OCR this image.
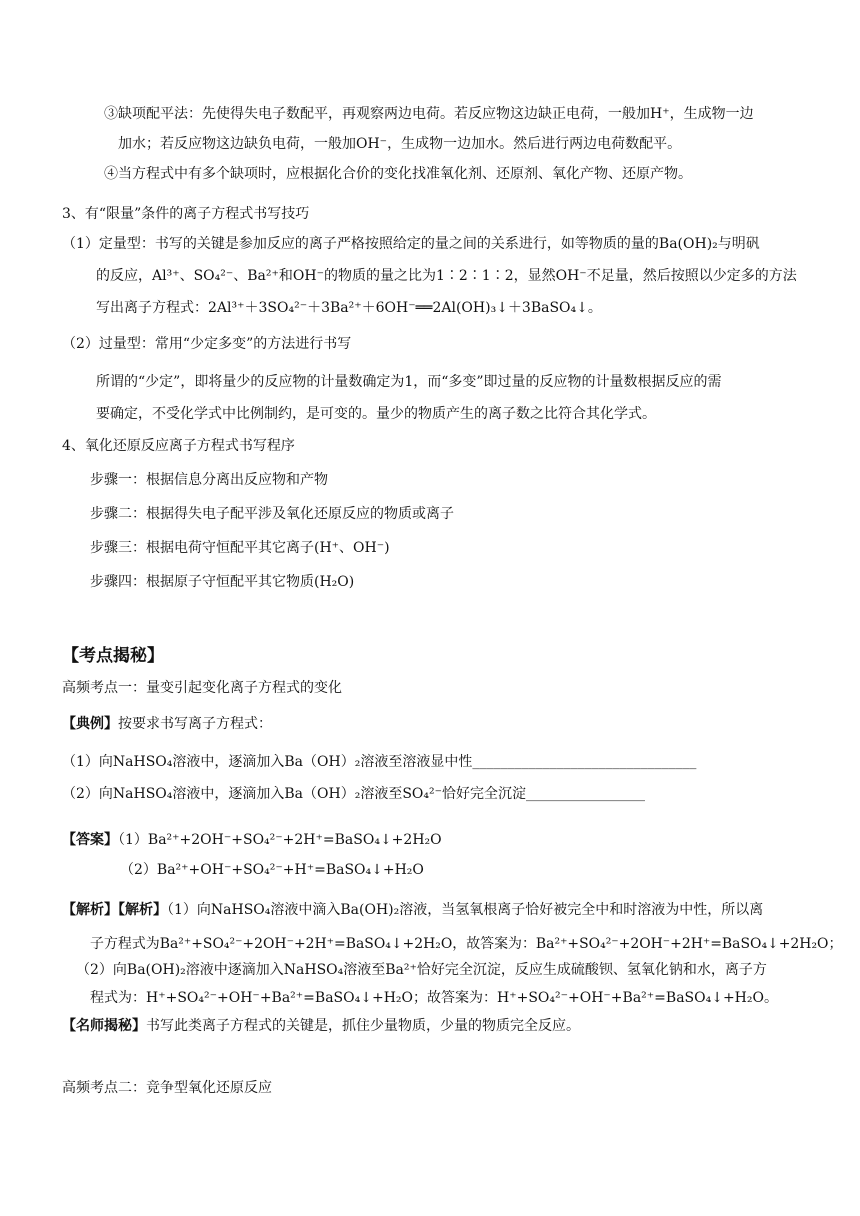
③缺项配平法：先使得失电子数配平，再观察两边电荷。若反应物这边缺正电荷，一般加H⁺，生成物一边
加水；若反应物这边缺负电荷，一般加OH⁻，生成物一边加水。然后进行两边电荷数配平。
④当方程式中有多个缺项时，应根据化合价的变化找准氧化剂、还原剂、氧化产物、还原产物。
3、有“限量”条件的离子方程式书写技巧
（1）定量型：书写的关键是参加反应的离子严格按照给定的量之间的关系进行，如等物质的量的Ba(OH)₂与明矾
的反应，Al³⁺、SO₄²⁻、Ba²⁺和OH⁻的物质的量之比为1∶2∶1∶2，显然OH⁻不足量，然后按照以少定多的方法
写出离子方程式：2Al³⁺＋3SO₄²⁻＋3Ba²⁺＋6OH⁻══2Al(OH)₃↓＋3BaSO₄↓。
（2）过量型：常用“少定多变”的方法进行书写
所谓的“少定”，即将量少的反应物的计量数确定为1，而“多变”即过量的反应物的计量数根据反应的需
要确定，不受化学式中比例制约，是可变的。量少的物质产生的离子数之比符合其化学式。
4、氧化还原反应离子方程式书写程序
步骤一：根据信息分离出反应物和产物
步骤二：根据得失电子配平涉及氧化还原反应的物质或离子
步骤三：根据电荷守恒配平其它离子(H⁺、OH⁻)
步骤四：根据原子守恒配平其它物质(H₂O)
【考点揭秘】
高频考点一：量变引起变化离子方程式的变化
【典例】按要求书写离子方程式：
（1）向NaHSO₄溶液中，逐滴加入Ba（OH）₂溶液至溶液显中性________________________________
（2）向NaHSO₄溶液中，逐滴加入Ba（OH）₂溶液至SO₄²⁻恰好完全沉淀_________________
【答案】（1）Ba²⁺+2OH⁻+SO₄²⁻+2H⁺=BaSO₄↓+2H₂O
（2）Ba²⁺+OH⁻+SO₄²⁻+H⁺=BaSO₄↓+H₂O
【解析】【解析】（1）向NaHSO₄溶液中滴入Ba(OH)₂溶液，当氢氧根离子恰好被完全中和时溶液为中性，所以离
子方程式为Ba²⁺+SO₄²⁻+2OH⁻+2H⁺=BaSO₄↓+2H₂O，故答案为：Ba²⁺+SO₄²⁻+2OH⁻+2H⁺=BaSO₄↓+2H₂O；
（2）向Ba(OH)₂溶液中逐滴加入NaHSO₄溶液至Ba²⁺恰好完全沉淀，反应生成硫酸钡、氢氧化钠和水，离子方
程式为：H⁺+SO₄²⁻+OH⁻+Ba²⁺=BaSO₄↓+H₂O；故答案为：H⁺+SO₄²⁻+OH⁻+Ba²⁺=BaSO₄↓+H₂O。
【名师揭秘】书写此类离子方程式的关键是，抓住少量物质，少量的物质完全反应。
高频考点二：竞争型氧化还原反应
